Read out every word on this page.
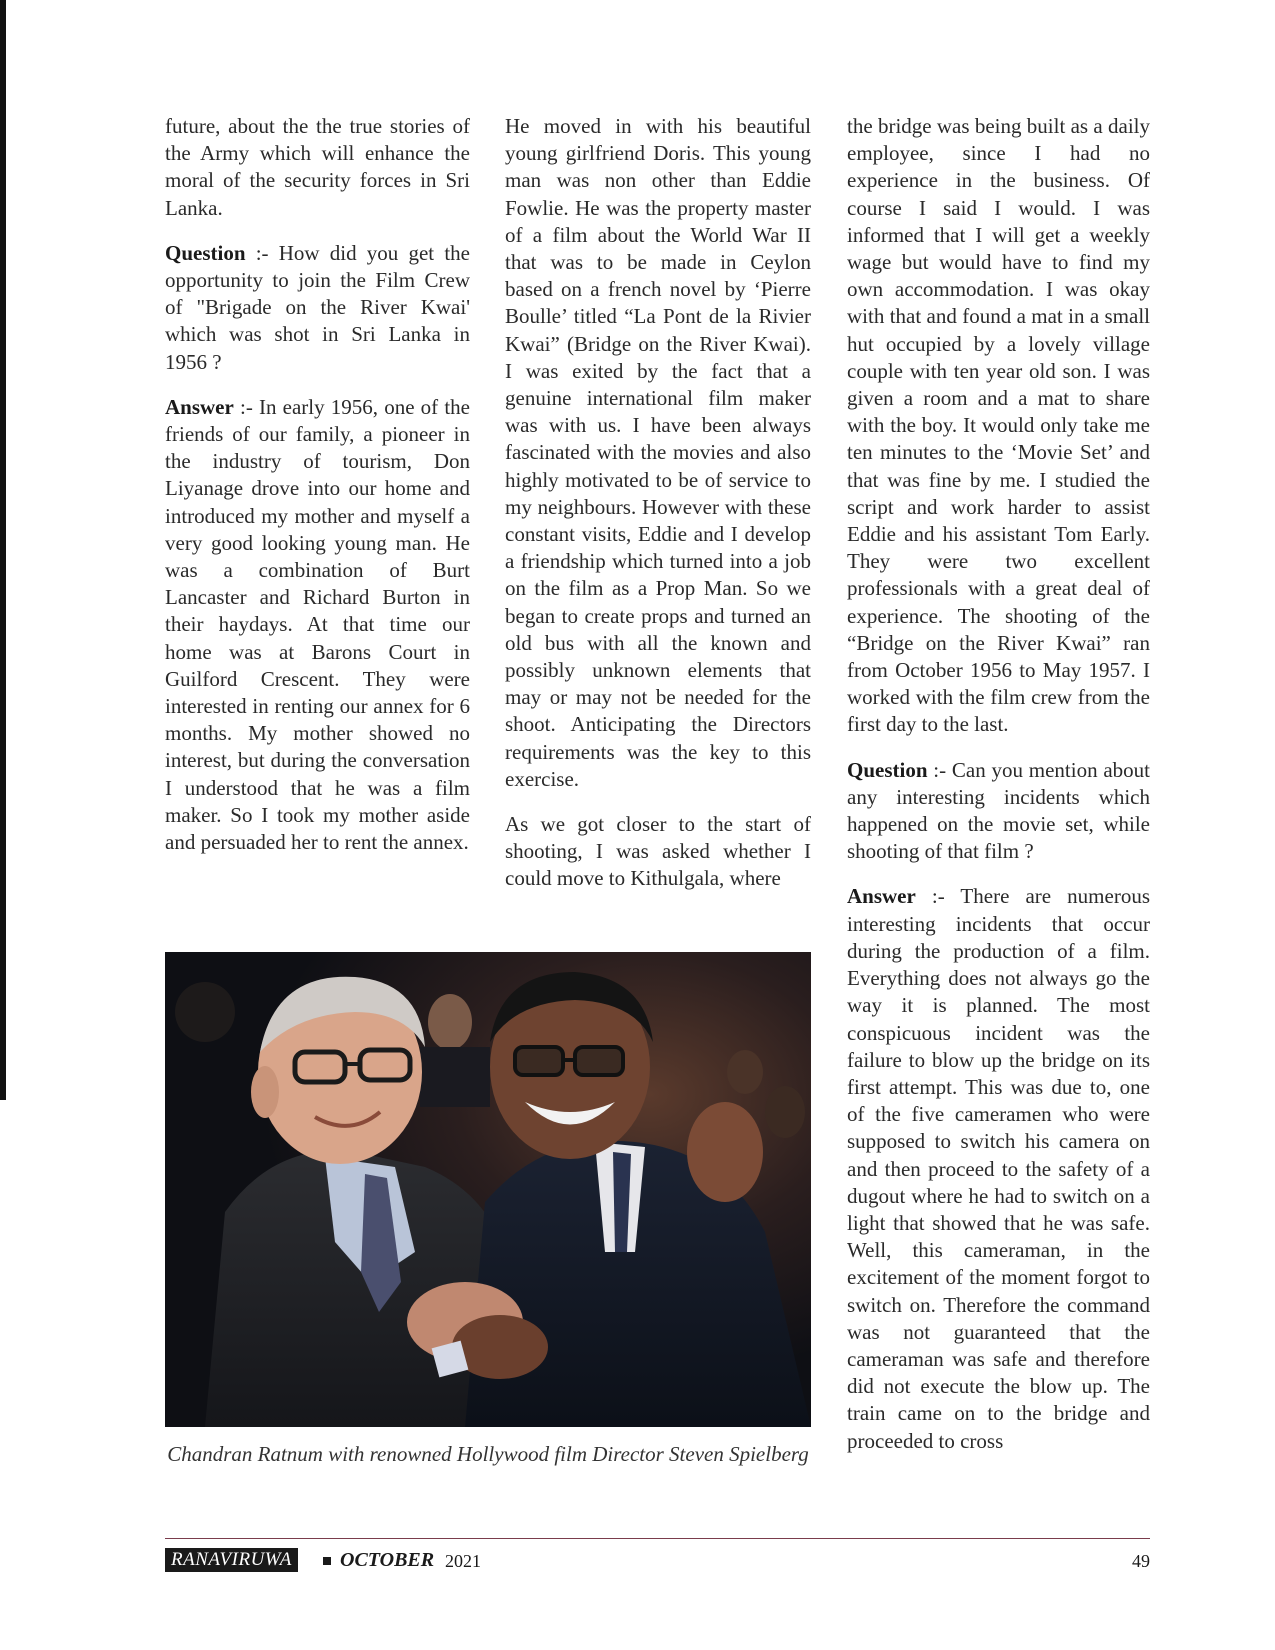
future, about the the true stories of the Army which will enhance the moral of the security forces in Sri Lanka.

Question :- How did you get the opportunity to join the Film Crew of "Brigade on the River Kwai' which was shot in Sri Lanka in 1956 ?

Answer :- In early 1956, one of the friends of our family, a pioneer in the industry of tourism, Don Liyanage drove into our home and introduced my mother and myself a very good looking young man. He was a combination of Burt Lancaster and Richard Burton in their haydays. At that time our home was at Barons Court in Guilford Crescent. They were interested in renting our annex for 6 months. My mother showed no interest, but during the conversation I understood that he was a film maker. So I took my mother aside and persuaded her to rent the annex.

He moved in with his beautiful young girlfriend Doris. This young man was non other than Eddie Fowlie. He was the property master of a film about the World War II that was to be made in Ceylon based on a french novel by ‘Pierre Boulle’ titled “La Pont de la Rivier Kwai” (Bridge on the River Kwai). I was exited by the fact that a genuine international film maker was with us. I have been always fascinated with the movies and also highly motivated to be of service to my neighbours. However with these constant visits, Eddie and I develop a friendship which turned into a job on the film as a Prop Man. So we began to create props and turned an old bus with all the known and possibly unknown elements that may or may not be needed for the shoot. Anticipating the Directors requirements was the key to this exercise.

As we got closer to the start of shooting, I was asked whether I could move to Kithulgala, where

the bridge was being built as a daily employee, since I had no experience in the business. Of course I said I would. I was informed that I will get a weekly wage but would have to find my own accommodation. I was okay with that and found a mat in a small hut occupied by a lovely village couple with ten year old son. I was given a room and a mat to share with the boy. It would only take me ten minutes to the ‘Movie Set’ and that was fine by me. I studied the script and work harder to assist Eddie and his assistant Tom Early. They were two excellent professionals with a great deal of experience. The shooting of the “Bridge on the River Kwai” ran from October 1956 to May 1957. I worked with the film crew from the first day to the last.

Question :- Can you mention about any interesting incidents which happened on the movie set, while shooting of that film ?

Answer :- There are numerous interesting incidents that occur during the production of a film. Everything does not always go the way it is planned. The most conspicuous incident was the failure to blow up the bridge on its first attempt. This was due to, one of the five cameramen who were supposed to switch his camera on and then proceed to the safety of a dugout where he had to switch on a light that showed that he was safe. Well, this cameraman, in the excitement of the moment forgot to switch on. Therefore the command was not guaranteed that the cameraman was safe and therefore did not execute the blow up. The train came on to the bridge and proceeded to cross

Chandran Ratnum with renowned Hollywood film Director Steven Spielberg
RANAVIRUWA	OCTOBER 2021	49
